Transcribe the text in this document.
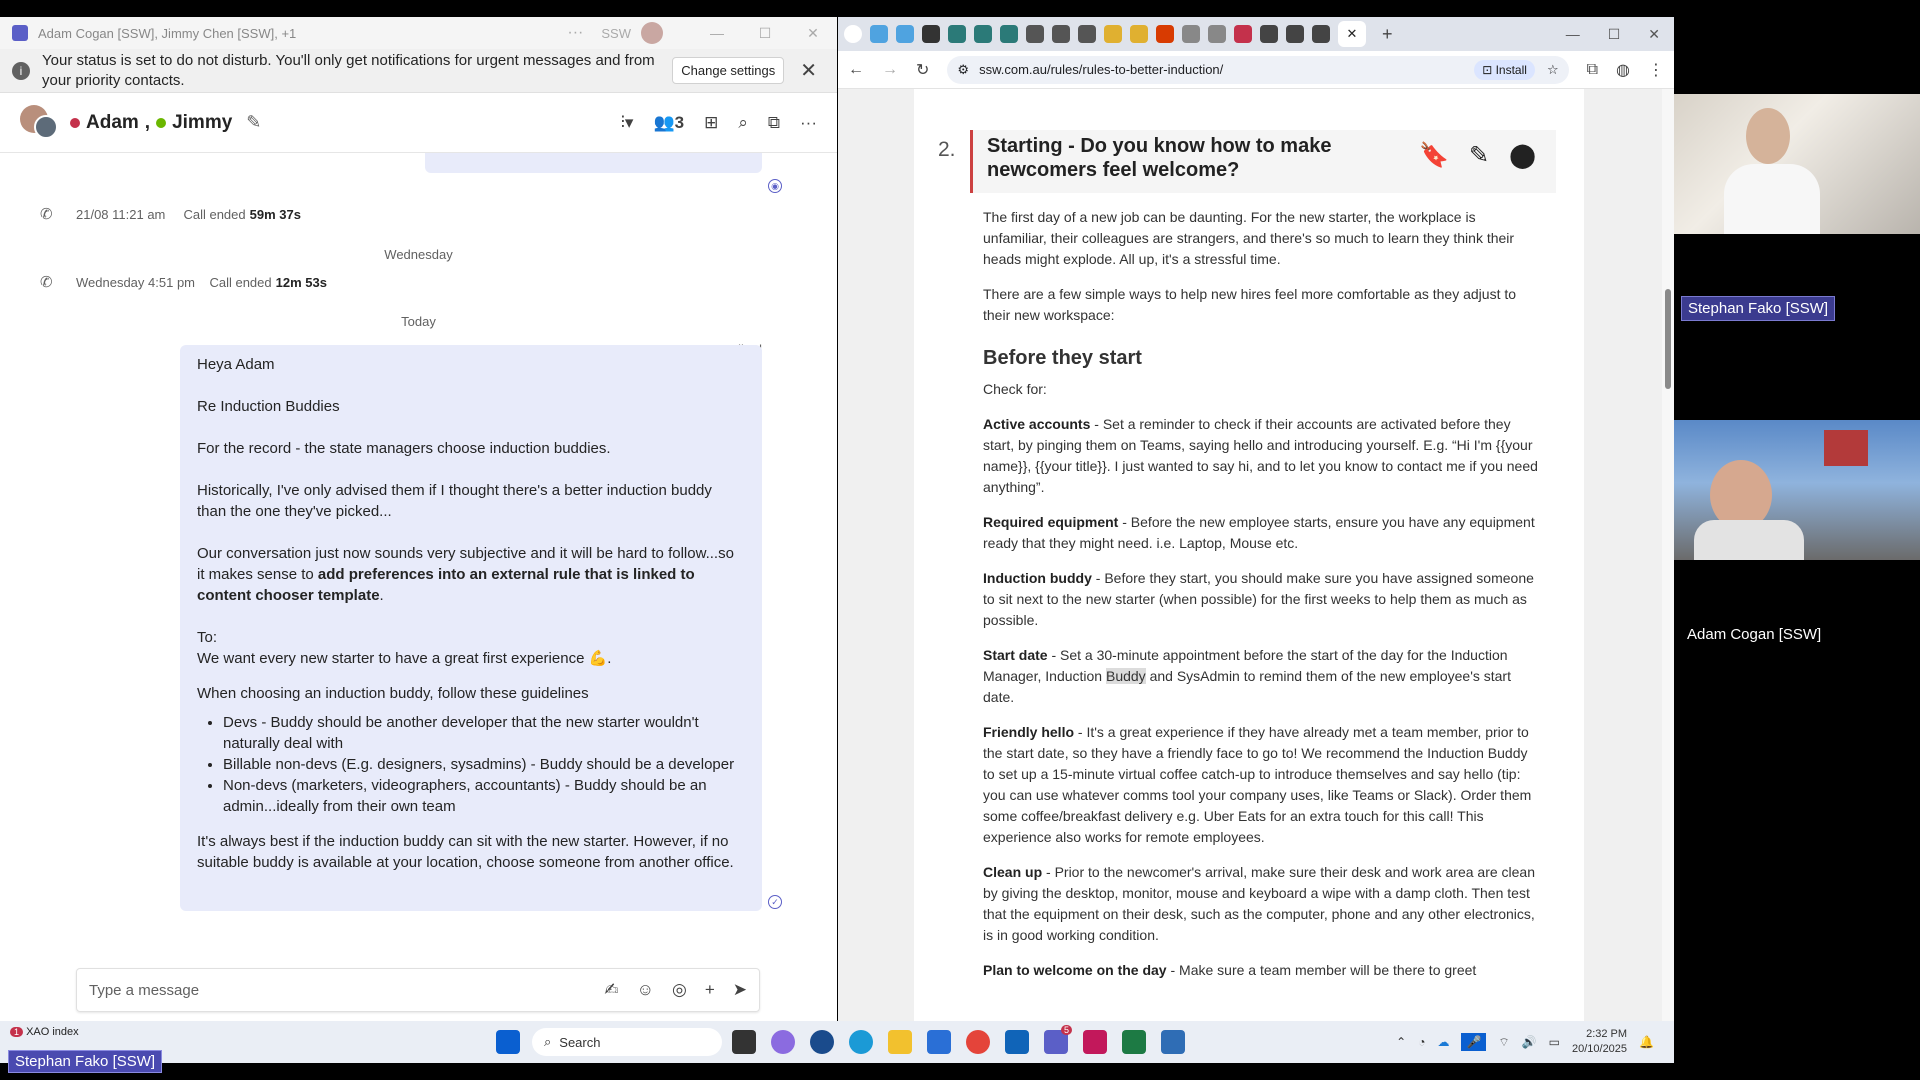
Adam Cogan [SSW], Jimmy Chen [SSW], +1	··· SSW	—	☐	✕
i
Your status is set to do not disturb. You'll only get notifications for urgent messages and from your priority contacts.
Change settings	✕
Adam , Jimmy ✎	⫶▾ 👥3 ⊞ ⌕ ⧉ ···
◉
✆ 21/08 11:21 am
Call ended 59m 37s
Wednesday
✆ Wednesday 4:51 pm
Call ended 12m 53s
Today

Heya Adam

Re Induction Buddies

For the record - the state managers choose induction buddies.

Historically, I've only advised them if I thought there's a better induction buddy than the one they've picked...

Our conversation just now sounds very subjective and it will be hard to follow...so it makes sense to add preferences into an external rule that is linked to content chooser template.

To:
We want every new starter to have a great first experience 💪.

When choosing an induction buddy, follow these guidelines

• Devs - Buddy should be another developer that the new starter wouldn't naturally deal with
• Billable non-devs (E.g. designers, sysadmins) - Buddy should be a developer
• Non-devs (marketers, videographers, accountants) - Buddy should be an admin...ideally from their own team

It's always best if the induction buddy can sit with the new starter. However, if no suitable buddy is available at your location, choose someone from another office.

✓
Type a message	✍ ☺ ◎ + ➤
✕	+	— ☐ ✕
← → ↻ ⚙ ssw.com.au/rules/rules-to-better-induction/	⊡ Install	☆ ⧉ ◍ ⋮
2. Starting - Do you know how to make newcomers feel welcome?
🔖 ✎ ⬤

The first day of a new job can be daunting. For the new starter, the workplace is unfamiliar, their colleagues are strangers, and there's so much to learn they think their heads might explode. All up, it's a stressful time.

There are a few simple ways to help new hires feel more comfortable as they adjust to their new workspace:

Before they start

Check for:

Active accounts - Set a reminder to check if their accounts are activated before they start, by pinging them on Teams, saying hello and introducing yourself. E.g. “Hi I'm {{your name}}, {{your title}}. I just wanted to say hi, and to let you know to contact me if you need anything”.

Required equipment - Before the new employee starts, ensure you have any equipment ready that they might need. i.e. Laptop, Mouse etc.

Induction buddy - Before they start, you should make sure you have assigned someone to sit next to the new starter (when possible) for the first weeks to help them as much as possible.

Start date - Set a 30-minute appointment before the start of the day for the Induction Manager, Induction Buddy and SysAdmin to remind them of the new employee's start date.

Friendly hello - It's a great experience if they have already met a team member, prior to the start date, so they have a friendly face to go to! We recommend the Induction Buddy to set up a 15-minute virtual coffee catch-up to introduce themselves and say hello (tip: you can use whatever comms tool your company uses, like Teams or Slack). Order them some coffee/breakfast delivery e.g. Uber Eats for an extra touch for this call! This experience also works for remote employees.

Clean up - Prior to the newcomer's arrival, make sure their desk and work area are clean by giving the desktop, monitor, mouse and keyboard a wipe with a damp cloth. Then test that the equipment on their desk, such as the computer, phone and any other electronics, is in good working condition.

Plan to welcome on the day - Make sure a team member will be there to greet

Stephan Fako [SSW]
Adam Cogan [SSW]
1 XAO index
⌕ Search
5
⌃ ◔ ☁	🎤	⌔ 🔊 ▭
2:32 PM
20/10/2025 🔔
Stephan Fako [SSW]
